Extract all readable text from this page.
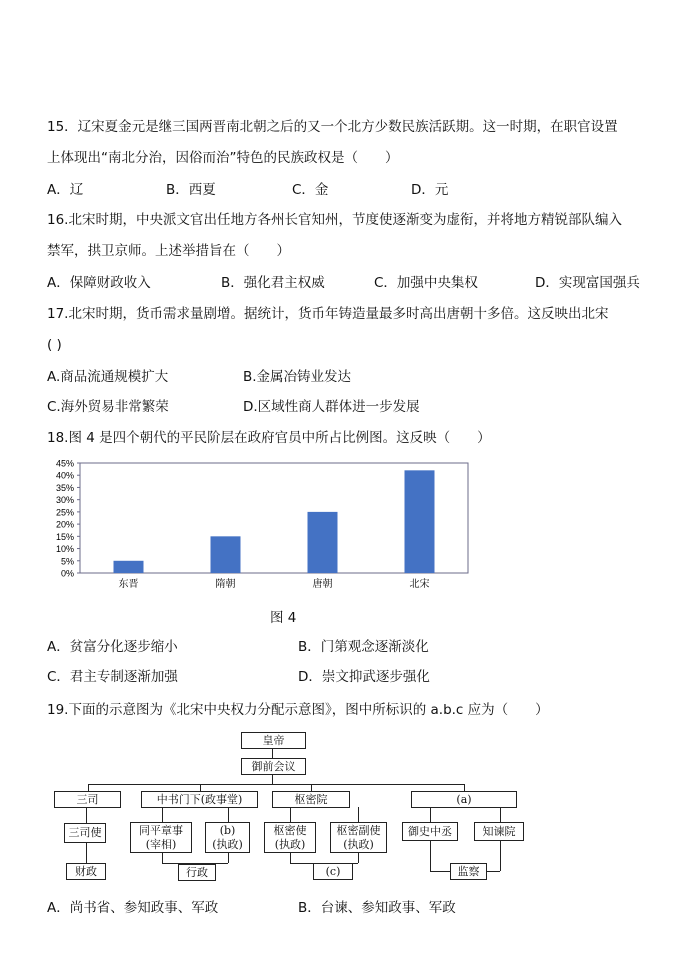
15．辽宋夏金元是继三国两晋南北朝之后的又一个北方少数民族活跃期。这一时期，在职官设置
上体现出“南北分治，因俗而治”特色的民族政权是（　　）
A．辽	B．西夏	C．金	D．元
16.北宋时期，中央派文官出任地方各州长官知州，节度使逐渐变为虚衔，并将地方精锐部队编入
禁军，拱卫京师。上述举措旨在（　　）
A．保障财政收入	B．强化君主权威	C．加强中央集权	D．实现富国强兵
17.北宋时期，货币需求量剧增。据统计，货币年铸造量最多时高出唐朝十多倍。这反映出北宋
( )
A.商品流通规模扩大	B.金属冶铸业发达
C.海外贸易非常繁荣	D.区域性商人群体进一步发展
18.图 4 是四个朝代的平民阶层在政府官员中所占比例图。这反映（　　）
0%
5%
10%
15%
20%
25%
30%
35%
40%
45%
东晋	隋朝	唐朝	北宋
图 4
A．贫富分化逐步缩小	B．门第观念逐渐淡化
C．君主专制逐渐加强	D．崇文抑武逐步强化
19.下面的示意图为《北宋中央权力分配示意图》，图中所标识的 a.b.c 应为（　　）
皇帝
御前会议
三司	中书门下(政事堂)	枢密院	(a)
三司使	同平章事
(宰相)
(b)
(执政)
枢密使
(执政)
枢密副使
(执政)
御史中丞	知谏院
财政	行政	(c)	监察
A．尚书省、参知政事、军政	B．台谏、参知政事、军政
